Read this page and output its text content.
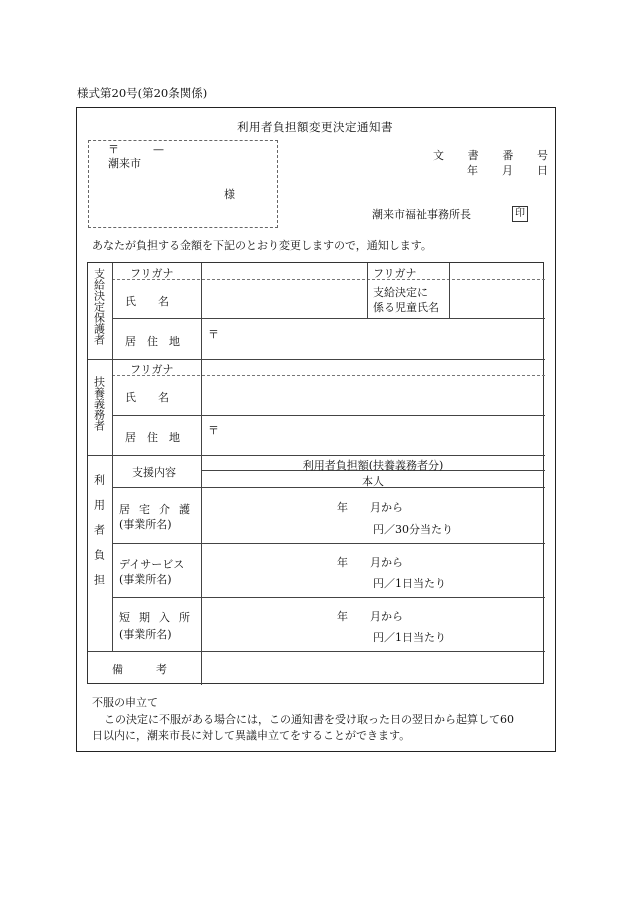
様式第20号(第20条関係)
利用者負担額変更決定通知書
〒	—
潮来市
様
文 書 番 号
年 月 日
潮来市福祉事務所長	印
あなたが負担する金額を下記のとおり変更しますので，通知します。
支給決定保護者
扶養義務者
利用者負担
フリガナ
氏　　名
フリガナ
支給決定に
係る児童氏名
居　住　地
〒
フリガナ
氏　　名
居　住　地
〒
支援内容
利用者負担額(扶養義務者分)
本人
居宅介護
(事業所名)
年　　月から
円／30分当たり
デイサービス
(事業所名)
年　　月から
円／1日当たり
短期入所
(事業所名)
年　　月から
円／1日当たり
備　　　考
不服の申立て
この決定に不服がある場合には，この通知書を受け取った日の翌日から起算して60
日以内に，潮来市長に対して異議申立てをすることができます。
